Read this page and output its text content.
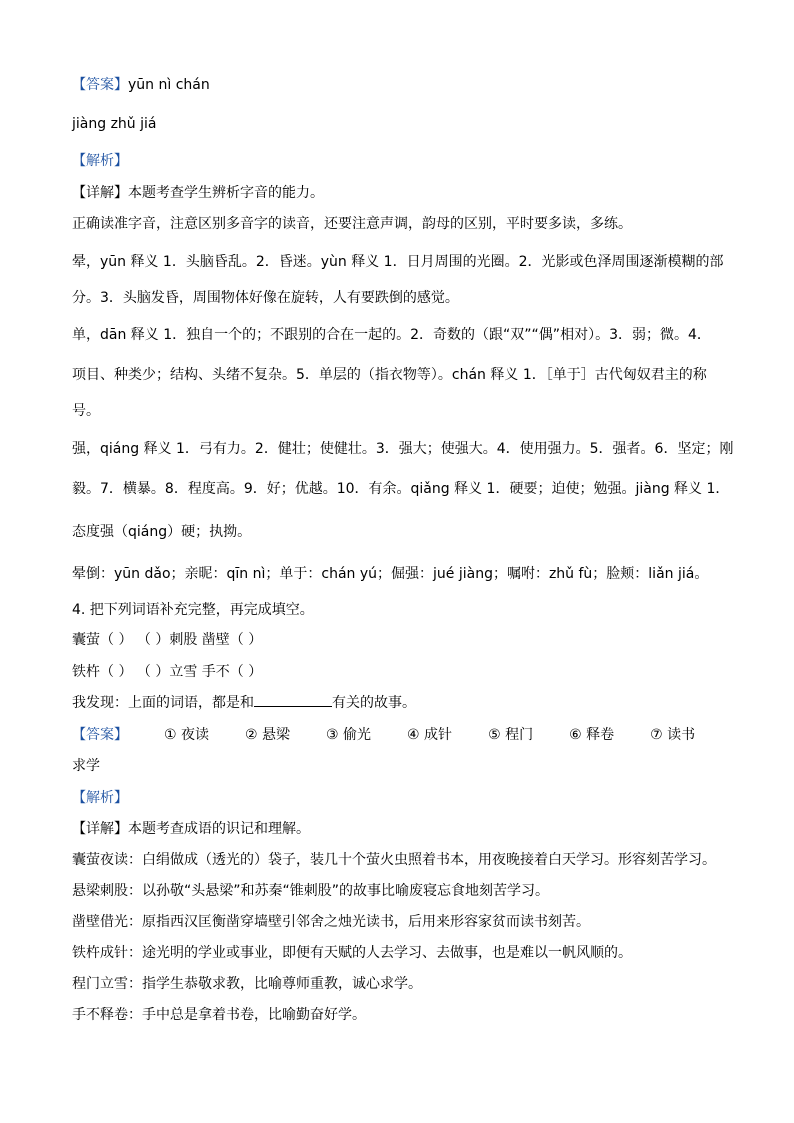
【答案】yūn nì chán
jiàng zhǔ jiá
【解析】
【详解】本题考查学生辨析字音的能力。
正确读准字音，注意区别多音字的读音，还要注意声调，韵母的区别，平时要多读，多练。
晕，yūn 释义 1．头脑昏乱。2．昏迷。yùn 释义 1．日月周围的光圈。2．光影或色泽周围逐渐模糊的部
分。3．头脑发昏，周围物体好像在旋转，人有要跌倒的感觉。
单，dān 释义 1．独自一个的；不跟别的合在一起的。2．奇数的（跟“双”“偶”相对）。3．弱；微。4．
项目、种类少；结构、头绪不复杂。5．单层的（指衣物等）。chán 释义 1．［单于］古代匈奴君主的称
号。
强，qiáng 释义 1．弓有力。2．健壮；使健壮。3．强大；使强大。4．使用强力。5．强者。6．坚定；刚
毅。7．横暴。8．程度高。9．好；优越。10．有余。qiǎng 释义 1．硬要；迫使；勉强。jiàng 释义 1．
态度强（qiáng）硬；执拗。
晕倒：yūn dǎo；亲昵：qīn nì；单于：chán yú；倔强：jué jiàng；嘱咐：zhǔ fù；脸颊：liǎn jiá。
4. 把下列词语补充完整，再完成填空。
囊萤（ ） （ ）刺股 凿壁（ ）
铁杵（ ） （ ）立雪 手不（ ）
我发现：上面的词语，都是和	有关的故事。
【答案】	① 夜读	② 悬梁	③ 偷光	④ 成针	⑤ 程门	⑥ 释卷	⑦ 读书
求学
【解析】
【详解】本题考查成语的识记和理解。
囊萤夜读：白绢做成（透光的）袋子，装几十个萤火虫照着书本，用夜晚接着白天学习。形容刻苦学习。
悬梁刺股：以孙敬“头悬梁”和苏秦“锥刺股”的故事比喻废寝忘食地刻苦学习。
凿壁借光：原指西汉匡衡凿穿墙壁引邻舍之烛光读书，后用来形容家贫而读书刻苦。
铁杵成针：途光明的学业或事业，即便有天赋的人去学习、去做事，也是难以一帆风顺的。
程门立雪：指学生恭敬求教，比喻尊师重教，诚心求学。
手不释卷：手中总是拿着书卷，比喻勤奋好学。
